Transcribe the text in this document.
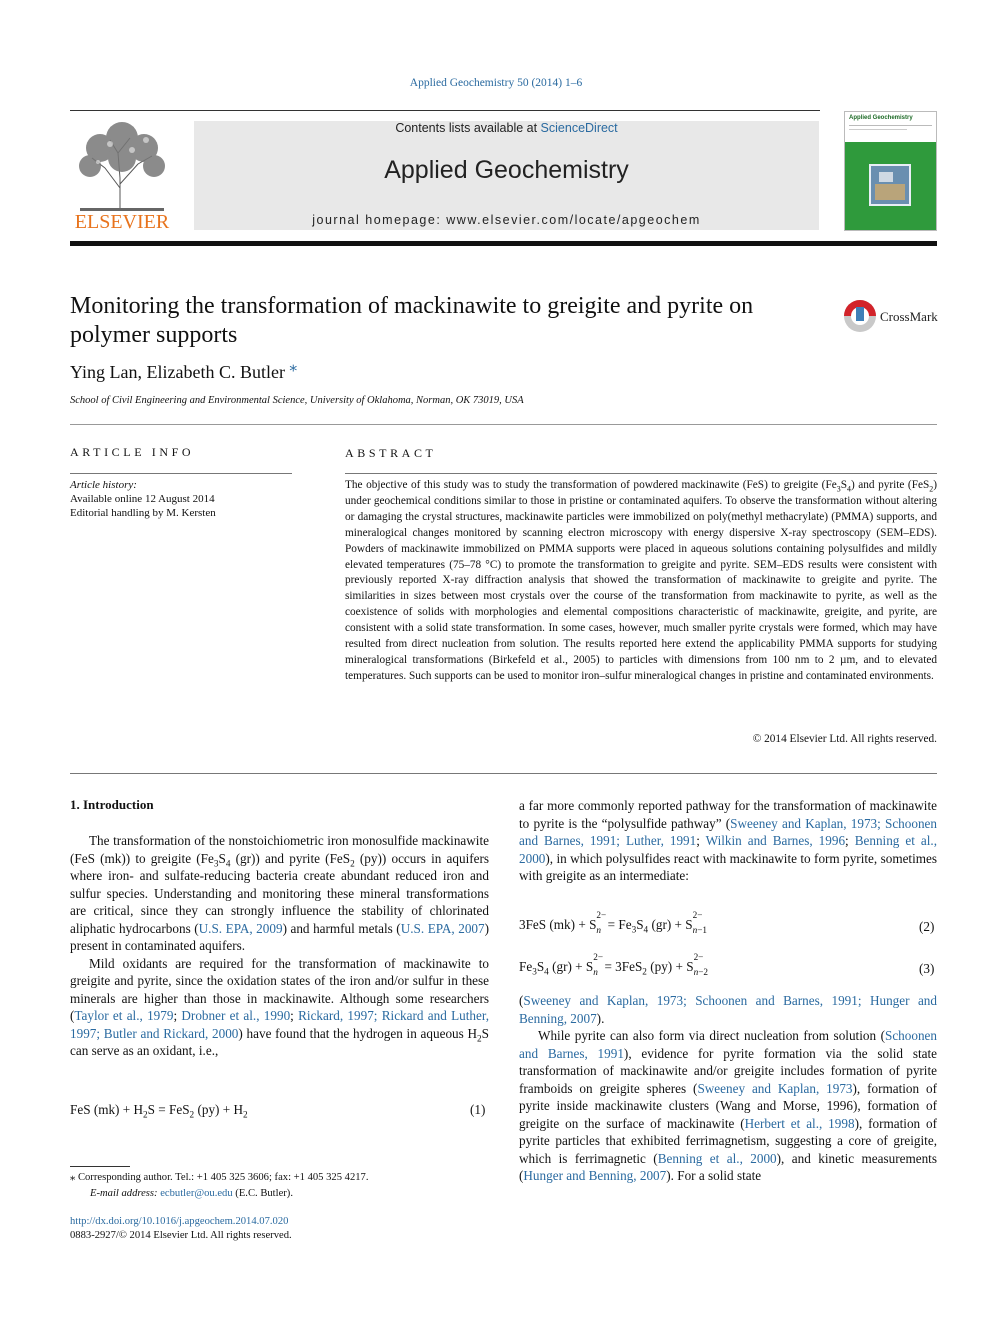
Applied Geochemistry 50 (2014) 1–6
ELSEVIER
Contents lists available at ScienceDirect
Applied Geochemistry
journal homepage: www.elsevier.com/locate/apgeochem
Applied Geochemistry
Monitoring the transformation of mackinawite to greigite and pyrite on polymer supports
CrossMark
Ying Lan, Elizabeth C. Butler ⁎
School of Civil Engineering and Environmental Science, University of Oklahoma, Norman, OK 73019, USA
ARTICLE INFO
Article history:
Available online 12 August 2014
Editorial handling by M. Kersten
ABSTRACT
The objective of this study was to study the transformation of powdered mackinawite (FeS) to greigite $(Fe_3S_4)$ and pyrite (FeS$_2$) under geochemical conditions similar to those in pristine or contaminated aquifers. To observe the transformation without altering or damaging the crystal structures, mackinawite particles were immobilized on poly(methyl methacrylate) (PMMA) supports, and mineralogical changes monitored by scanning electron microscopy with energy dispersive X-ray spectroscopy (SEM–EDS). Powders of mackinawite immobilized on PMMA supports were placed in aqueous solutions containing polysulfides and mildly elevated temperatures (75–78 °C) to promote the transformation to greigite and pyrite. SEM–EDS results were consistent with previously reported X-ray diffraction analysis that showed the transformation of mackinawite to greigite and pyrite. The similarities in sizes between most crystals over the course of the transformation from mackinawite to pyrite, as well as the coexistence of solids with morphologies and elemental compositions characteristic of mackinawite, greigite, and pyrite, are consistent with a solid state transformation. In some cases, however, much smaller pyrite crystals were formed, which may have resulted from direct nucleation from solution. The results reported here extend the applicability PMMA supports for studying mineralogical transformations (Birkefeld et al., 2005) to particles with dimensions from 100 nm to 2 µm, and to elevated temperatures. Such supports can be used to monitor iron–sulfur mineralogical changes in pristine and contaminated environments.
© 2014 Elsevier Ltd. All rights reserved.
1. Introduction

The transformation of the nonstoichiometric iron monosulfide mackinawite (FeS (mk)) to greigite ($Fe_3S_4$ (gr)) and pyrite (FeS$_2$ (py)) occurs in aquifers where iron- and sulfate-reducing bacteria create abundant reduced iron and sulfur species. Understanding and monitoring these mineral transformations are critical, since they can strongly influence the stability of chlorinated aliphatic hydrocarbons (U.S. EPA, 2009) and harmful metals (U.S. EPA, 2007) present in contaminated aquifers.

Mild oxidants are required for the transformation of mackinawite to greigite and pyrite, since the oxidation states of the iron and/or sulfur in these minerals are higher than those in mackinawite. Although some researchers (Taylor et al., 1979; Drobner et al., 1990; Rickard, 1997; Rickard and Luther, 1997; Butler and Rickard, 2000) have found that the hydrogen in aqueous $H_2S$ can serve as an oxidant, i.e.,

FeS $(mk) + H_2S = FeS_2$ $(py) + H_2$	(1)
⁎ Corresponding author. Tel.: +1 405 325 3606; fax: +1 405 325 4217.
E-mail address: ecbutler@ou.edu (E.C. Butler).
http://dx.doi.org/10.1016/j.apgeochem.2014.07.020
0883-2927/© 2014 Elsevier Ltd. All rights reserved.
a far more commonly reported pathway for the transformation of mackinawite to pyrite is the “polysulfide pathway” (Sweeney and Kaplan, 1973; Schoonen and Barnes, 1991; Luther, 1991; Wilkin and Barnes, 1996; Benning et al., 2000), in which polysulfides react with mackinawite to form pyrite, sometimes with greigite as an intermediate:
3FeS (mk) + S
$_{2- n} = Fe_3S_4$ (gr) + S
$_{2- n-1}$	(2)
$Fe_3S_4$ (gr) + S
$_{2- n}$  = 3FeS$_2$ (py) + S
$_{2- n-2}$	(3)

(Sweeney and Kaplan, 1973; Schoonen and Barnes, 1991; Hunger and Benning, 2007).

While pyrite can also form via direct nucleation from solution (Schoonen and Barnes, 1991), evidence for pyrite formation via the solid state transformation of mackinawite and/or greigite includes formation of pyrite framboids on greigite spheres (Sweeney and Kaplan, 1973), formation of pyrite inside mackinawite clusters (Wang and Morse, 1996), formation of greigite on the surface of mackinawite (Herbert et al., 1998), formation of pyrite particles that exhibited ferrimagnetism, suggesting a core of greigite, which is ferrimagnetic (Benning et al., 2000), and kinetic measurements (Hunger and Benning, 2007). For a solid state
